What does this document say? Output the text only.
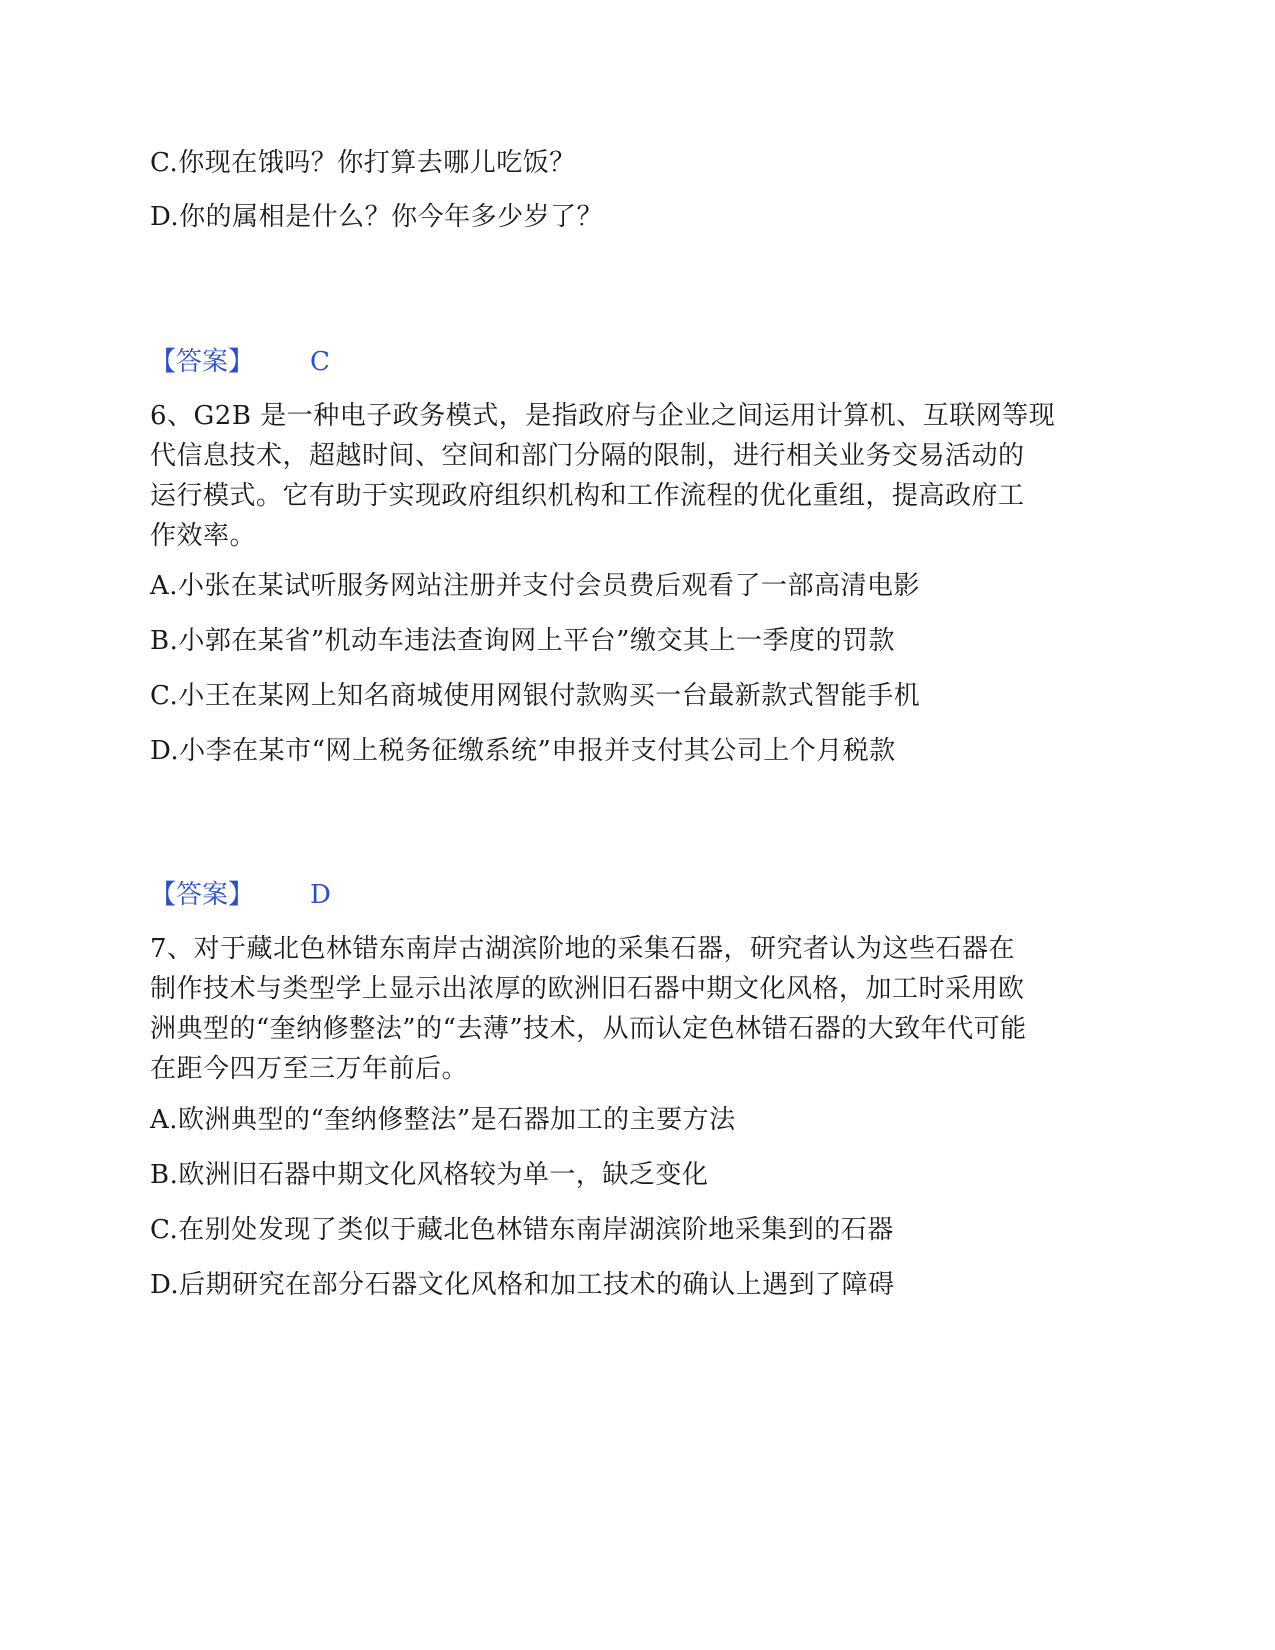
C.你现在饿吗？你打算去哪儿吃饭？
D.你的属相是什么？你今年多少岁了？
【答案】 C
6、G2B 是一种电子政务模式，是指政府与企业之间运用计算机、互联网等现
代信息技术，超越时间、空间和部门分隔的限制，进行相关业务交易活动的
运行模式。它有助于实现政府组织机构和工作流程的优化重组，提高政府工
作效率。
A.小张在某试听服务网站注册并支付会员费后观看了一部高清电影
B.小郭在某省”机动车违法查询网上平台”缴交其上一季度的罚款
C.小王在某网上知名商城使用网银付款购买一台最新款式智能手机
D.小李在某市“网上税务征缴系统”申报并支付其公司上个月税款
【答案】 D
7、对于藏北色林错东南岸古湖滨阶地的采集石器，研究者认为这些石器在
制作技术与类型学上显示出浓厚的欧洲旧石器中期文化风格，加工时采用欧
洲典型的“奎纳修整法”的“去薄”技术，从而认定色林错石器的大致年代可能
在距今四万至三万年前后。
A.欧洲典型的“奎纳修整法”是石器加工的主要方法
B.欧洲旧石器中期文化风格较为单一，缺乏变化
C.在别处发现了类似于藏北色林错东南岸湖滨阶地采集到的石器
D.后期研究在部分石器文化风格和加工技术的确认上遇到了障碍
